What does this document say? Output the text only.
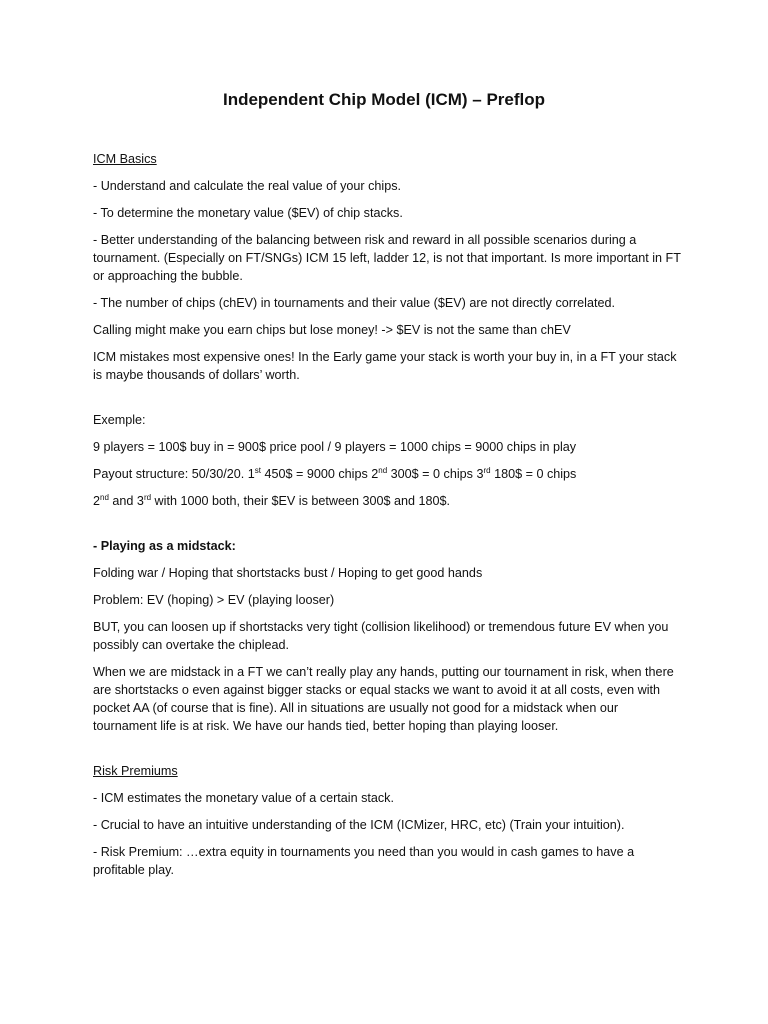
Independent Chip Model (ICM) – Preflop

ICM Basics

- Understand and calculate the real value of your chips.

- To determine the monetary value ($EV) of chip stacks.

- Better understanding of the balancing between risk and reward in all possible scenarios during a tournament. (Especially on FT/SNGs) ICM 15 left, ladder 12, is not that important. Is more important in FT or approaching the bubble.

- The number of chips (chEV) in tournaments and their value ($EV) are not directly correlated.

Calling might make you earn chips but lose money! -> $EV is not the same than chEV

ICM mistakes most expensive ones! In the Early game your stack is worth your buy in, in a FT your stack is maybe thousands of dollars’ worth.

Exemple:

9 players = 100$ buy in = 900$ price pool / 9 players = 1000 chips = 9000 chips in play

Payout structure: 50/30/20. 1st 450$ = 9000 chips 2nd 300$ = 0 chips 3rd 180$ = 0 chips

2nd and 3rd with 1000 both, their $EV is between 300$ and 180$.

- Playing as a midstack:

Folding war / Hoping that shortstacks bust / Hoping to get good hands

Problem: EV (hoping) > EV (playing looser)

BUT, you can loosen up if shortstacks very tight (collision likelihood) or tremendous future EV when you possibly can overtake the chiplead.

When we are midstack in a FT we can’t really play any hands, putting our tournament in risk, when there are shortstacks o even against bigger stacks or equal stacks we want to avoid it at all costs, even with pocket AA (of course that is fine). All in situations are usually not good for a midstack when our tournament life is at risk. We have our hands tied, better hoping than playing looser.

Risk Premiums

- ICM estimates the monetary value of a certain stack.

- Crucial to have an intuitive understanding of the ICM (ICMizer, HRC, etc) (Train your intuition).

- Risk Premium: …extra equity in tournaments you need than you would in cash games to have a profitable play.
